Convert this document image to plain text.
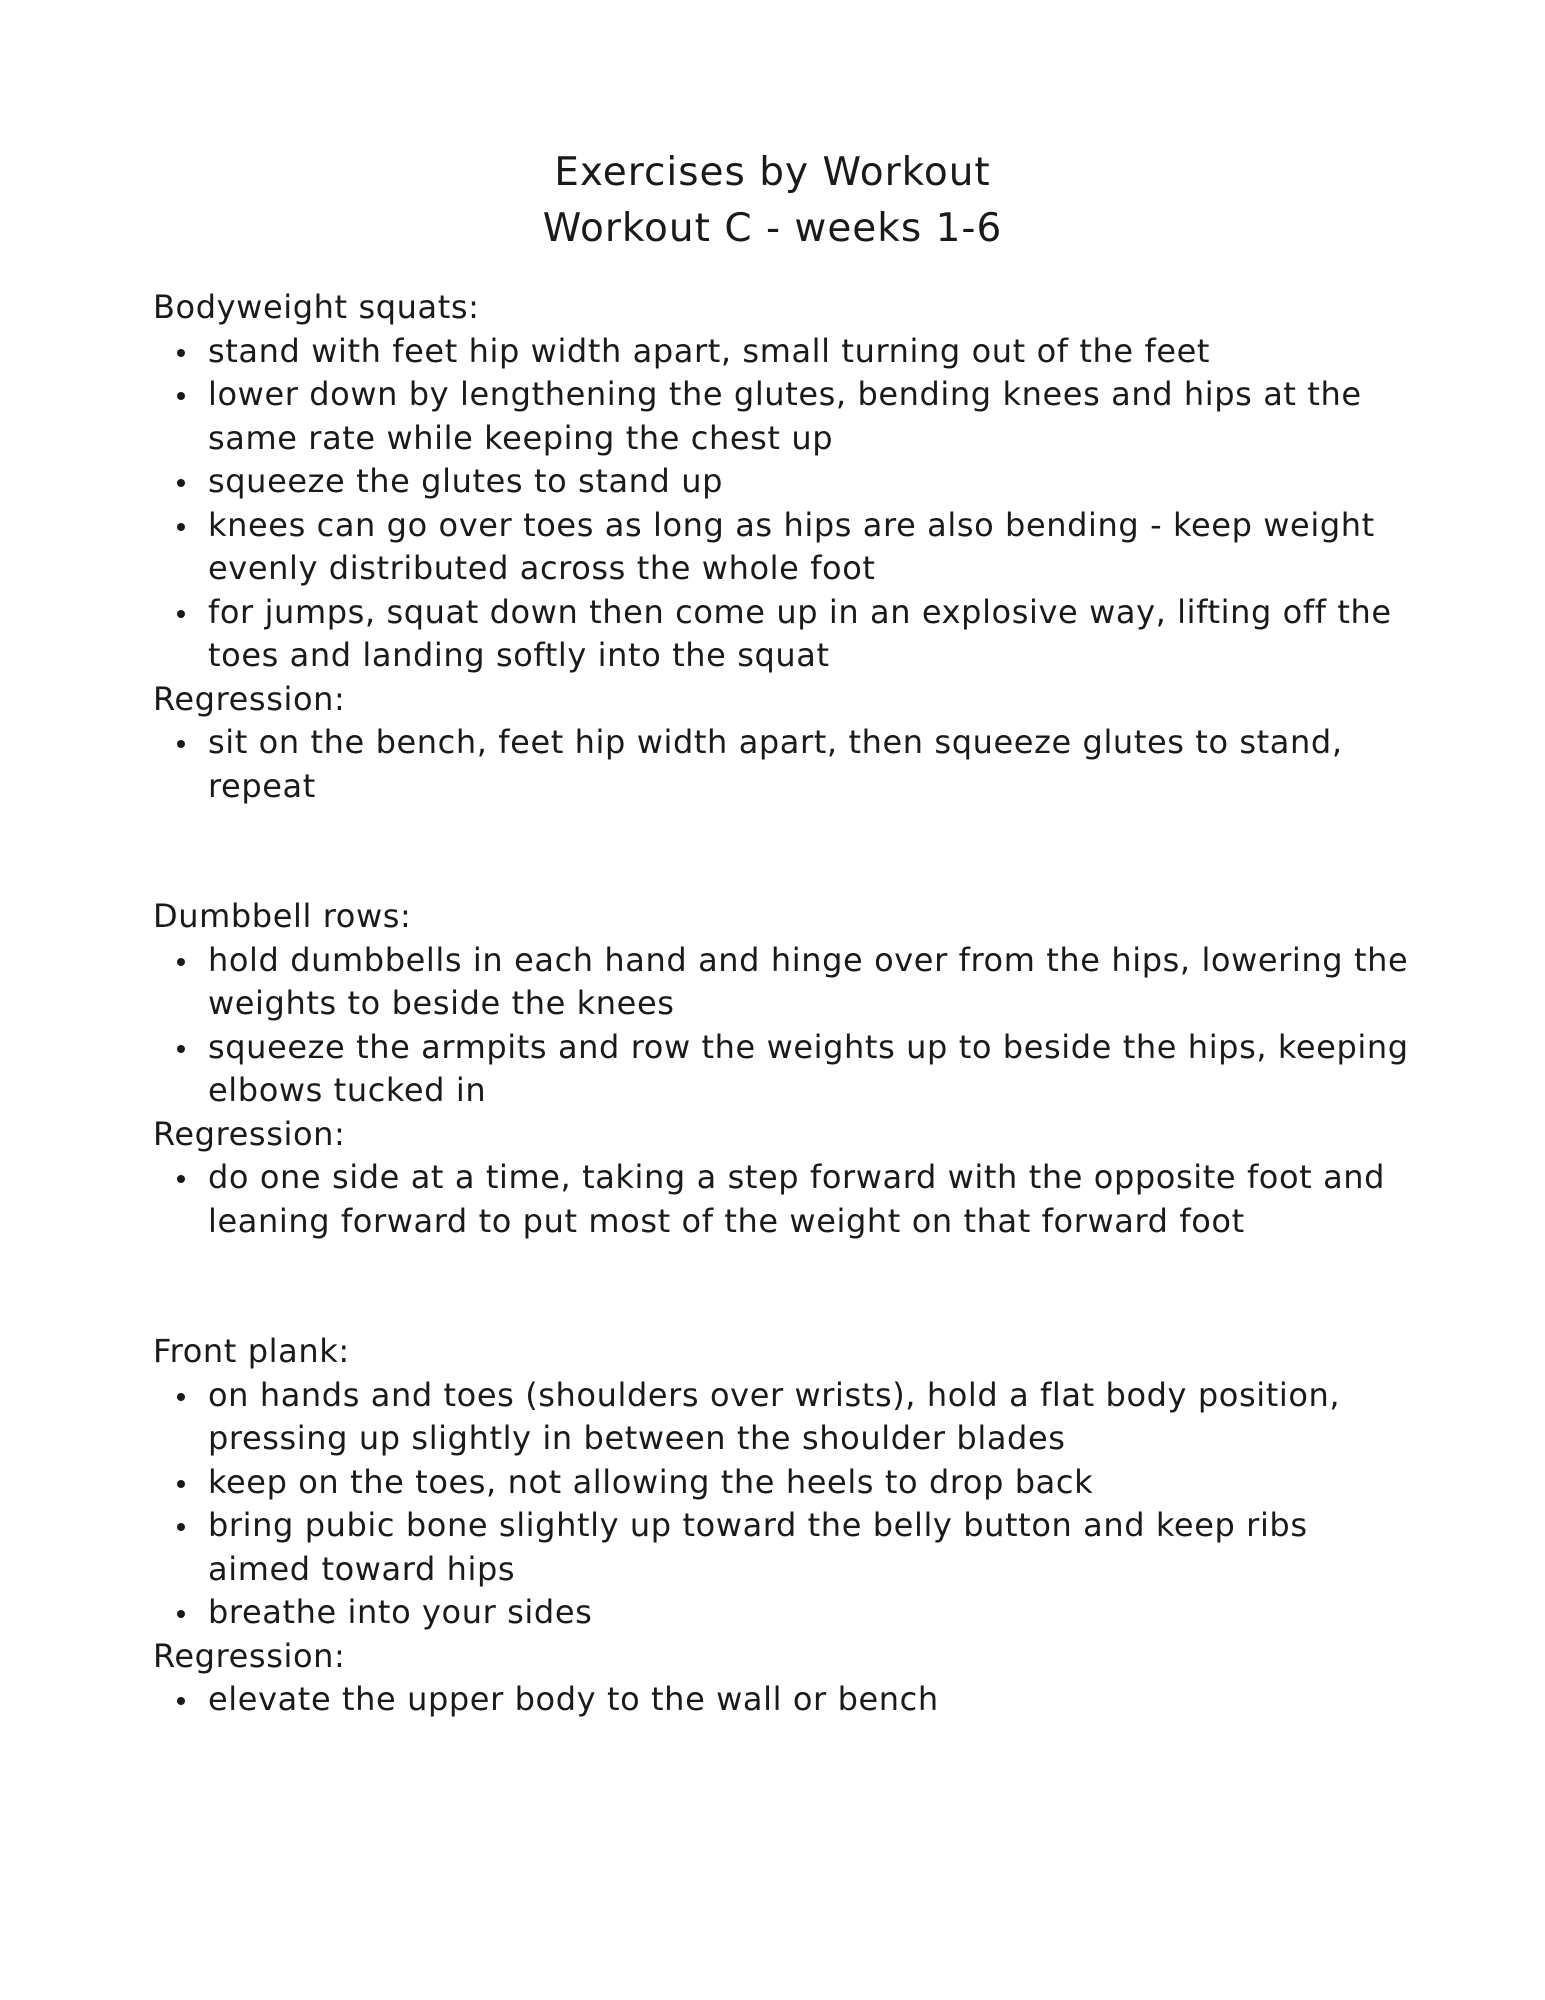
Exercises by Workout

Workout C - weeks 1-6

Bodyweight squats:

stand with feet hip width apart, small turning out of the feet
lower down by lengthening the glutes, bending knees and hips at the same rate while keeping the chest up
squeeze the glutes to stand up
knees can go over toes as long as hips are also bending - keep weight evenly distributed across the whole foot
for jumps, squat down then come up in an explosive way, lifting off the toes and landing softly into the squat

Regression:

sit on the bench, feet hip width apart, then squeeze glutes to stand, repeat

Dumbbell rows:

hold dumbbells in each hand and hinge over from the hips, lowering the weights to beside the knees
squeeze the armpits and row the weights up to beside the hips, keeping elbows tucked in

Regression:

do one side at a time, taking a step forward with the opposite foot and leaning forward to put most of the weight on that forward foot

Front plank:

on hands and toes (shoulders over wrists), hold a flat body position, pressing up slightly in between the shoulder blades
keep on the toes, not allowing the heels to drop back
bring pubic bone slightly up toward the belly button and keep ribs aimed toward hips
breathe into your sides

Regression:

elevate the upper body to the wall or bench
